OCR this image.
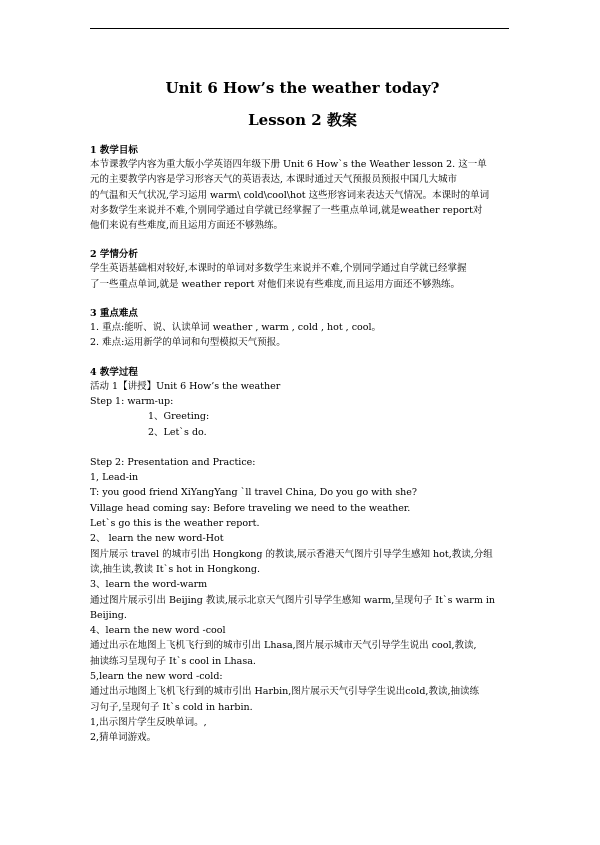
Unit 6 How’s the weather today?
Lesson 2 教案

1 教学目标

本节课教学内容为重大版小学英语四年级下册 Unit 6 How`s the Weather lesson 2. 这一单

元的主要教学内容是学习形容天气的英语表达, 本课时通过天气预报员预报中国几大城市

的气温和天气状况,学习运用 warm\ cold\cool\hot 这些形容词来表达天气情况。本课时的单词

对多数学生来说并不难,个别同学通过自学就已经掌握了一些重点单词,就是weather report对

他们来说有些难度,而且运用方面还不够熟练。

2 学情分析

学生英语基础相对较好,本课时的单词对多数学生来说并不难,个别同学通过自学就已经掌握

了一些重点单词,就是 weather report 对他们来说有些难度,而且运用方面还不够熟练。

3 重点难点

1. 重点:能听、说、认读单词 weather , warm , cold , hot , cool。

2. 难点:运用新学的单词和句型模拟天气预报。

4 教学过程

活动 1【讲授】Unit 6 How’s the weather

Step 1: warm-up:

1、Greeting:

2、Let`s do.

Step 2: Presentation and Practice:

1, Lead-in

T: you good friend XiYangYang `ll travel China, Do you go with she?

Village head coming say: Before traveling we need to the weather.

Let`s go this is the weather report.

2、 learn the new word-Hot

图片展示 travel 的城市引出 Hongkong 的教读,展示香港天气图片引导学生感知 hot,教读,分组

读,抽生读,教读 It`s hot in Hongkong.

3、learn the word-warm

通过图片展示引出 Beijing 教读,展示北京天气图片引导学生感知 warm,呈现句子 It`s warm in

Beijing.

4、learn the new word -cool

通过出示在地图上飞机飞行到的城市引出 Lhasa,图片展示城市天气引导学生说出 cool,教读,

抽读练习呈现句子 It`s cool in Lhasa.

5,learn the new word -cold:

通过出示地图上飞机飞行到的城市引出 Harbin,图片展示天气引导学生说出cold,教读,抽读练

习句子,呈现句子 It`s cold in harbin.

1,出示图片学生反映单词。,

2,猜单词游戏。
